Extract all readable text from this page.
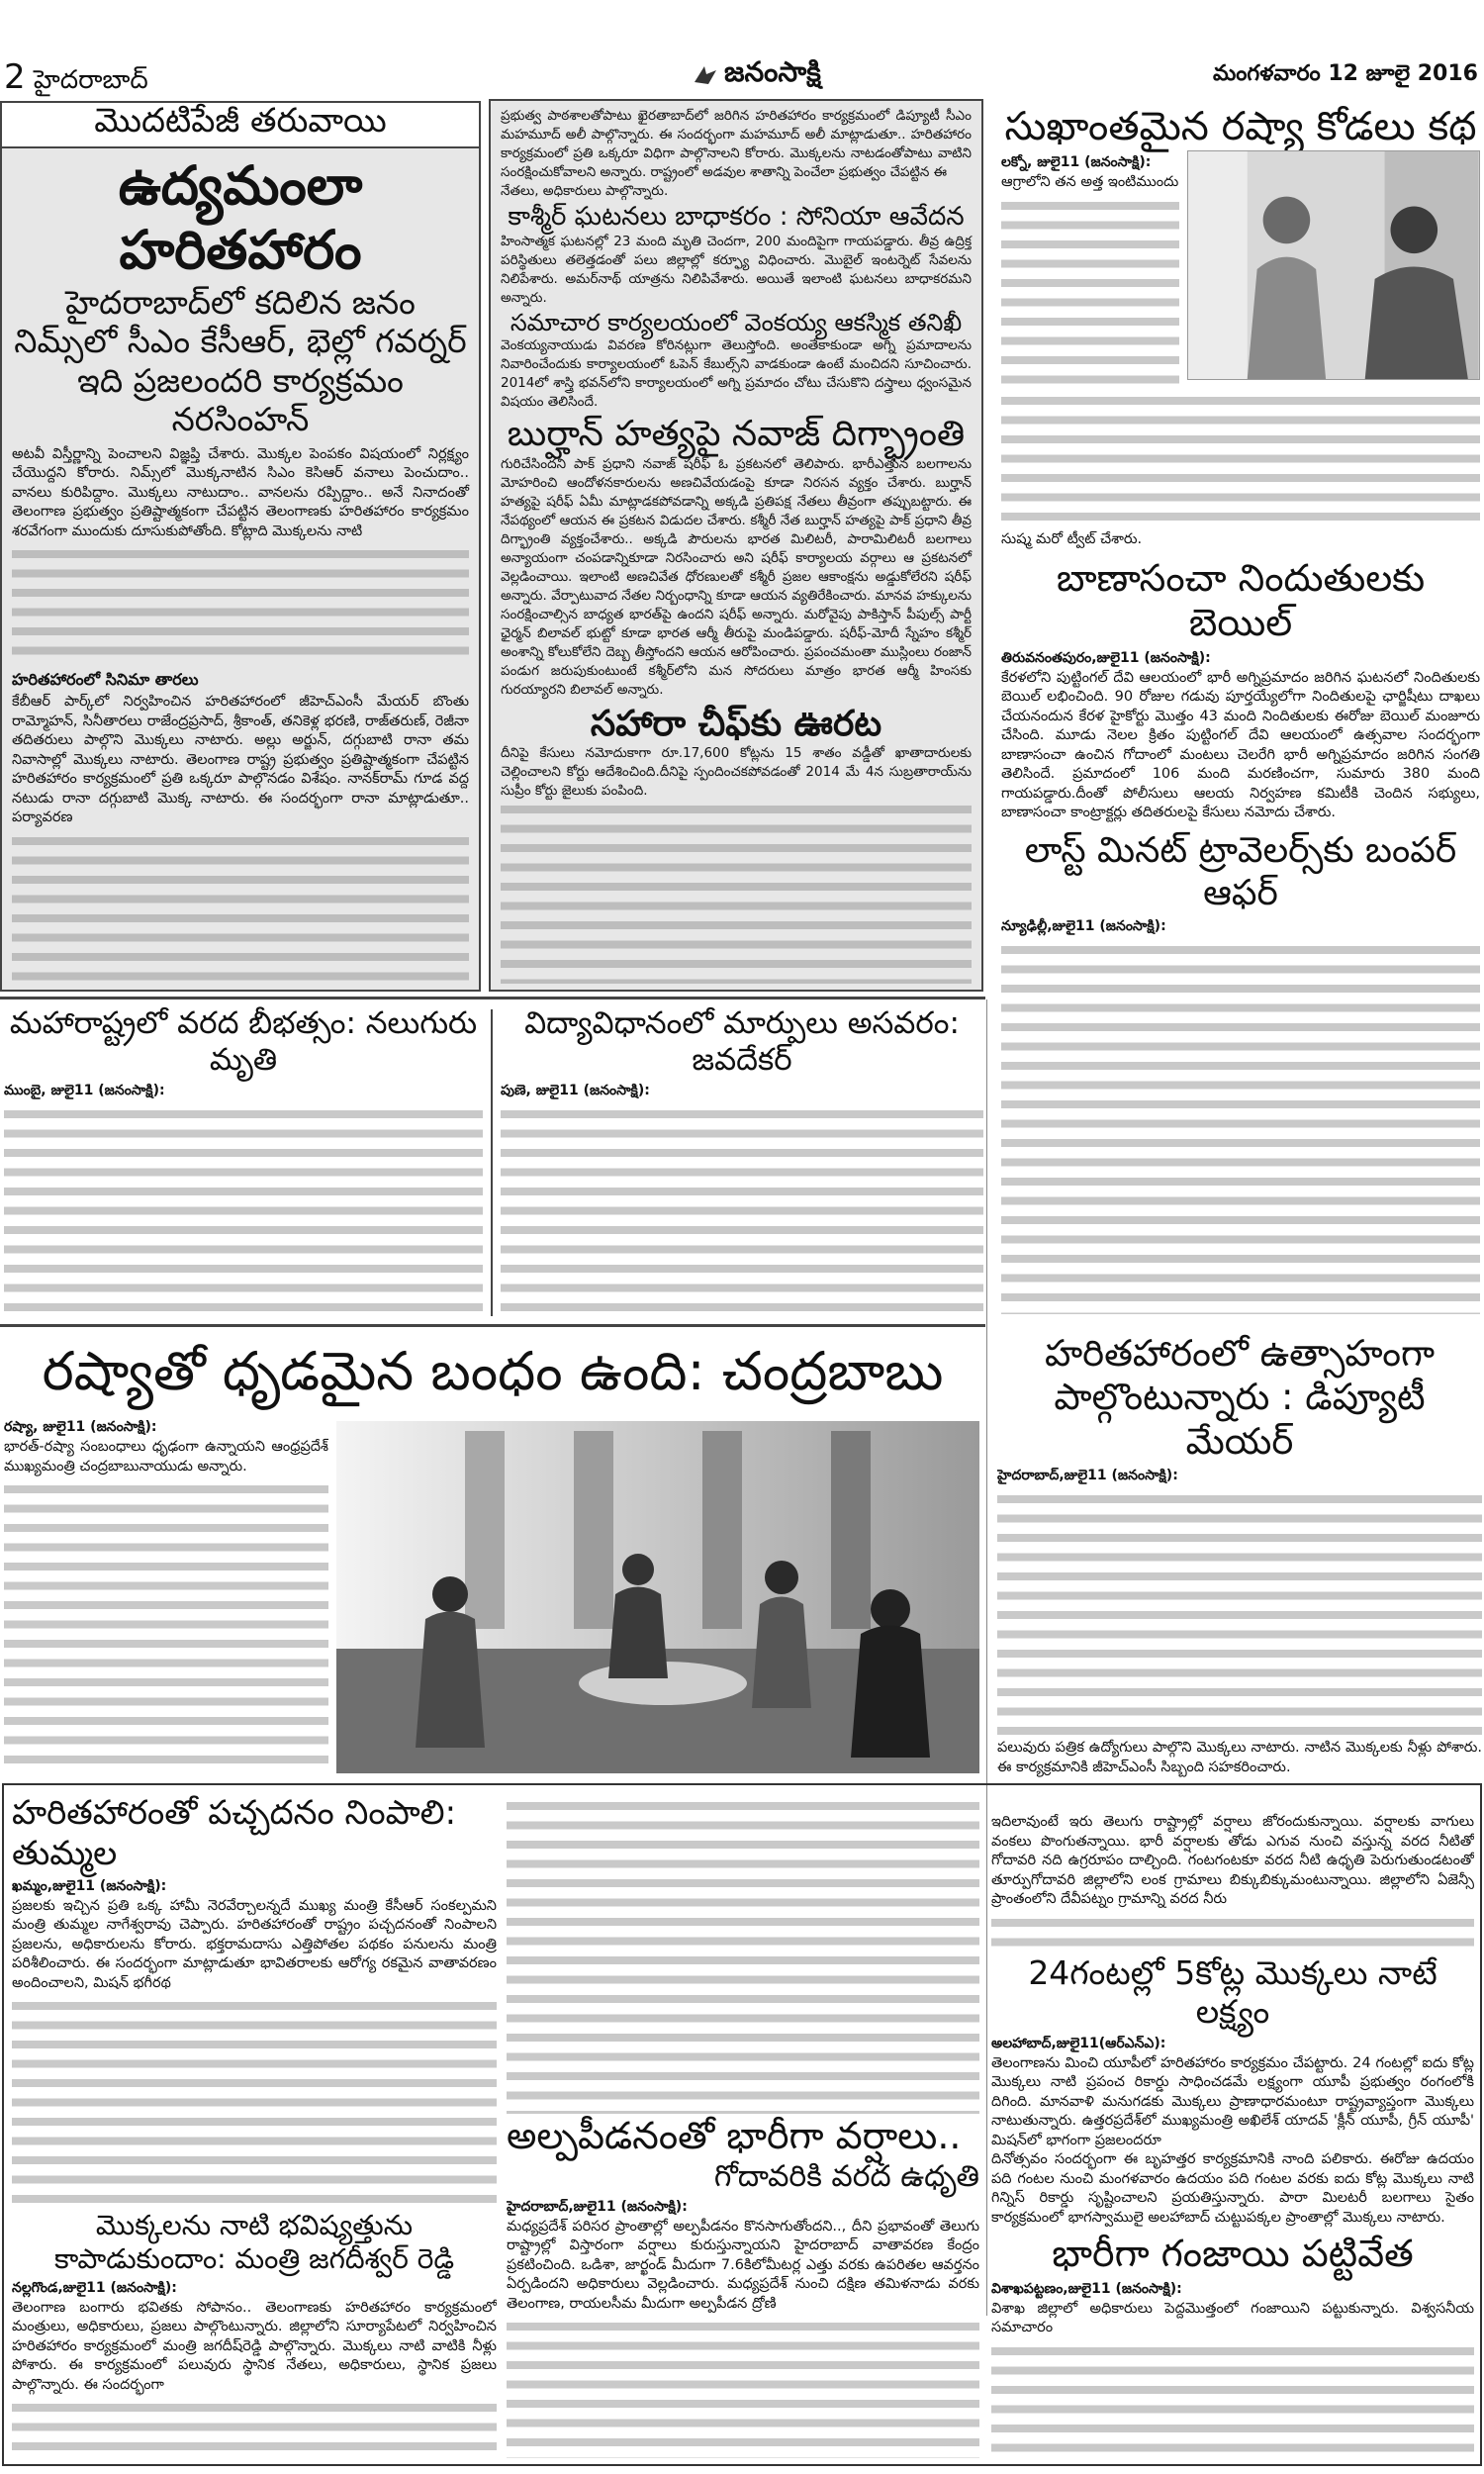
2 హైదరాబాద్	జనంసాక్షి	మంగళవారం 12 జూలై 2016
మొదటిపేజీ తరువాయి
ఉద్యమంలా హరితహారం
హైదరాబాద్‌లో కదిలిన జనం
నిమ్స్‌లో సీఎం కేసీఆర్, భెల్లో గవర్నర్
ఇది ప్రజలందరి కార్యక్రమం నరసింహన్

అటవీ విస్తీర్ణాన్ని పెంచాలని విజ్ఞప్తి చేశారు. మొక్కల పెంపకం విషయంలో నిర్లక్ష్యం చేయొద్దని కోరారు. నిమ్స్‌లో మొక్కనాటిన సిఎం కెసిఆర్ వనాలు పెంచుదాం.. వానలు కురిపిద్దాం. మొక్కలు నాటుదాం.. వానలను రప్పిద్దాం.. అనే నినాదంతో తెలంగాణ ప్రభుత్వం ప్రతిష్టాత్మకంగా చేపట్టిన తెలంగాణకు హరితహారం కార్యక్రమం శరవేగంగా ముందుకు దూసుకుపోతోంది. కోట్లాది మొక్కలను నాటి

హరితహారంలో సినిమా తారలు

కేబీఆర్ పార్క్‌లో నిర్వహించిన హరితహారంలో జీహెచ్ఎంసీ మేయర్ బొంతు రామ్మోహన్, సినీతారలు రాజేంద్రప్రసాద్, శ్రీకాంత్, తనికెళ్ల భరణి, రాజ్‌తరుణ్, రెజీనా తదితరులు పాల్గొని మొక్కలు నాటారు. అల్లు అర్జున్, దగ్గుబాటి రానా తమ నివాసాల్లో మొక్కలు నాటారు. తెలంగాణ రాష్ట్ర ప్రభుత్వం ప్రతిష్టాత్మకంగా చేపట్టిన హరితహారం కార్యక్రమంలో ప్రతి ఒక్కరూ పాల్గొనడం విశేషం. నానక్‌రామ్ గూడ వద్ద నటుడు రానా దగ్గుబాటి మొక్క నాటారు. ఈ సందర్భంగా రానా మాట్లాడుతూ.. పర్యావరణ

ప్రభుత్వ పాఠశాలతోపాటు ఖైరతాబాద్‌లో జరిగిన హరితహారం కార్యక్రమంలో డిప్యూటీ సీఎం మహమూద్ అలీ పాల్గొన్నారు. ఈ సందర్భంగా మహమూద్ అలీ మాట్లాడుతూ.. హరితహారం కార్యక్రమంలో ప్రతి ఒక్కరూ విధిగా పాల్గొనాలని కోరారు. మొక్కలను నాటడంతోపాటు వాటిని సంరక్షించుకోవాలని అన్నారు. రాష్ట్రంలో అడవుల శాతాన్ని పెంచేలా ప్రభుత్వం చేపట్టిన ఈ

నేతలు, అధికారులు పాల్గొన్నారు.

కాశ్మీర్ ఘటనలు బాధాకరం : సోనియా ఆవేదన

హింసాత్మక ఘటనల్లో 23 మంది మృతి చెందగా, 200 మందిపైగా గాయపడ్డారు. తీవ్ర ఉద్రిక్త పరిస్థితులు తలెత్తడంతో పలు జిల్లాల్లో కర్ఫ్యూ విధించారు. మొబైల్ ఇంటర్నెట్ సేవలను నిలిపేశారు. అమర్‌నాథ్ యాత్రను నిలిపివేశారు. అయితే ఇలాంటి ఘటనలు బాధాకరమని అన్నారు.

సమాచార కార్యలయంలో వెంకయ్య ఆకస్మిక తనిఖీ

వెంకయ్యనాయుడు వివరణ కోరినట్లుగా తెలుస్తోంది. అంతేకాకుండా అగ్ని ప్రమాదాలను నివారించేందుకు కార్యాలయంలో ఓపెన్ కేబుల్స్‌ని వాడకుండా ఉంటే మంచిదని సూచించారు. 2014లో శాస్త్రి భవన్‌లోని కార్యాలయంలో అగ్ని ప్రమాదం చోటు చేసుకొని దస్త్రాలు ధ్వంసమైన విషయం తెలిసిందే.

బుర్హాన్ హత్యపై నవాజ్ దిగ్భ్రాంతి

గురిచేసిందని పాక్ ప్రధాని నవాజ్ షరీఫ్ ఓ ప్రకటనలో తెలిపారు. భారీఎత్తున బలగాలను మోహరించి ఆందోళనకారులను అణచివేయడంపై కూడా నిరసన వ్యక్తం చేశారు. బుర్హాన్ హత్యపై షరీఫ్ ఏమీ మాట్లాడకపోవడాన్ని అక్కడి ప్రతిపక్ష నేతలు తీవ్రంగా తప్పుబట్టారు. ఈ నేపథ్యంలో ఆయన ఈ ప్రకటన విడుదల చేశారు. కశ్మీరీ నేత బుర్హాన్ హత్యపై పాక్ ప్రధాని తీవ్ర దిగ్భ్రాంతి వ్యక్తంచేశారు.. అక్కడి పౌరులను భారత మిలిటరీ, పారామిలిటరీ బలగాలు అన్యాయంగా చంపడాన్నికూడా నిరసించారు అని షరీఫ్ కార్యాలయ వర్గాలు ఆ ప్రకటనలో వెల్లడించాయి. ఇలాంటి అణచివేత ధోరణులతో కశ్మీరీ ప్రజల ఆకాంక్షను అడ్డుకోలేరని షరీఫ్ అన్నారు. వేర్పాటువాద నేతల నిర్బంధాన్ని కూడా ఆయన వ్యతిరేకించారు. మానవ హక్కులను సంరక్షించాల్సిన బాధ్యత భారత్‌పై ఉందని షరీఫ్ అన్నారు. మరోవైపు పాకిస్తాన్ పీపుల్స్ పార్టీ ఛైర్మన్ బిలావల్ భుట్టో కూడా భారత ఆర్మీ తీరుపై మండిపడ్డారు. షరీఫ్-మోదీ స్నేహం కశ్మీర్ అంశాన్ని కోలుకోలేని దెబ్బ తీస్తోందని ఆయన ఆరోపించారు. ప్రపంచమంతా ముస్లింలు రంజాన్ పండుగ జరుపుకుంటుంటే కశ్మీర్‌లోని మన సోదరులు మాత్రం భారత ఆర్మీ హింసకు గురయ్యారని బిలావల్ అన్నారు.

సహారా చీఫ్‌కు ఊరట

దీనిపై కేసులు నమోదుకాగా రూ.17,600 కోట్లను 15 శాతం వడ్డీతో ఖాతాదారులకు చెల్లించాలని కోర్టు ఆదేశించింది.దీనిపై స్పందించకపోవడంతో 2014 మే 4న సుబ్రతారాయ్‌ను సుప్రీం కోర్టు జైలుకు పంపింది.

సుఖాంతమైన రష్యా కోడలు కథ
లక్నో, జులై11 (జనంసాక్షి):

ఆగ్రాలోని తన అత్త ఇంటిముందు

సుష్మ మరో ట్వీట్ చేశారు.

బాణాసంచా నిందుతులకు బెయిల్
తిరువనంతపురం,జులై11 (జనంసాక్షి):

కేరళలోని పుట్టింగల్ దేవి ఆలయంలో భారీ అగ్నిప్రమాదం జరిగిన ఘటనలో నిందితులకు బెయిల్ లభించింది. 90 రోజుల గడువు పూర్తయ్యేలోగా నిందితులపై ఛార్జిషీటు దాఖలు చేయనందున కేరళ హైకోర్టు మొత్తం 43 మంది నిందితులకు ఈరోజు బెయిల్ మంజూరు చేసింది. మూడు నెలల క్రితం పుట్టింగల్ దేవి ఆలయంలో ఉత్సవాల సందర్భంగా బాణాసంచా ఉంచిన గోదాంలో మంటలు చెలరేగి భారీ అగ్నిప్రమాదం జరిగిన సంగతి తెలిసిందే. ప్రమాదంలో 106 మంది మరణించగా, సుమారు 380 మంది గాయపడ్డారు.దీంతో పోలీసులు ఆలయ నిర్వహణ కమిటీకి చెందిన సభ్యులు, బాణాసంచా కాంట్రాక్టర్లు తదితరులపై కేసులు నమోదు చేశారు.

లాస్ట్ మినట్ ట్రావెలర్స్‌కు బంపర్ ఆఫర్
న్యూఢిల్లీ,జులై11 (జనంసాక్షి):
మహారాష్ట్రలో వరద బీభత్సం: నలుగురు మృతి
ముంబై, జులై11 (జనంసాక్షి):
విద్యావిధానంలో మార్పులు అసవరం: జవదేకర్
పుణె, జులై11 (జనంసాక్షి):
రష్యాతో ధృడమైన బంధం ఉంది: చంద్రబాబు
రష్యా, జులై11 (జనంసాక్షి):

భారత్-రష్యా సంబంధాలు ధృఢంగా ఉన్నాయని ఆంధ్రప్రదేశ్ ముఖ్యమంత్రి చంద్రబాబునాయుడు అన్నారు.

హరితహారంలో ఉత్సాహంగా పాల్గొంటున్నారు : డిప్యూటీ మేయర్
హైదరాబాద్,జులై11 (జనంసాక్షి):

పలువురు పత్రిక ఉద్యోగులు పాల్గొని మొక్కలు నాటారు. నాటిన మొక్కలకు నీళ్లు పోశారు. ఈ కార్యక్రమానికి జీహెచ్ఎంసీ సిబ్బంది సహకరించారు.

హరితహారంతో పచ్చదనం నింపాలి: తుమ్మల
ఖమ్మం,జులై11 (జనంసాక్షి):

ప్రజలకు ఇచ్చిన ప్రతి ఒక్క హామీ నెరవేర్చాలన్నదే ముఖ్య మంత్రి కేసీఆర్ సంకల్పమని మంత్రి తుమ్మల నాగేశ్వరావు చెప్పారు. హరితహారంతో రాష్ట్రం పచ్చదనంతో నింపాలని ప్రజలను, అధికారులను కోరారు. భక్తరామదాసు ఎత్తిపోతల పథకం పనులను మంత్రి పరిశీలించారు. ఈ సందర్భంగా మాట్లాడుతూ భావితరాలకు ఆరోగ్య రకమైన వాతావరణం అందించాలని, మిషన్ భగీరథ

మొక్కలను నాటి భవిష్యత్తును కాపాడుకుందాం: మంత్రి జగదీశ్వర్ రెడ్డి
నల్లగొండ,జులై11 (జనంసాక్షి):

తెలంగాణ బంగారు భవితకు సోపానం.. తెలంగాణకు హరితహారం కార్యక్రమంలో మంత్రులు, అధికారులు, ప్రజలు పాల్గొంటున్నారు. జిల్లాలోని సూర్యాపేటలో నిర్వహించిన హరితహారం కార్యక్రమంలో మంత్రి జగదీష్‌రెడ్డి పాల్గొన్నారు. మొక్కలు నాటి వాటికి నీళ్లు పోశారు. ఈ కార్యక్రమంలో పలువురు స్థానిక నేతలు, అధికారులు, స్థానిక ప్రజలు పాల్గొన్నారు. ఈ సందర్భంగా

అల్పపీడనంతో భారీగా వర్షాలు..
గోదావరికి వరద ఉధృతి
హైదరాబాద్,జులై11 (జనంసాక్షి):

మధ్యప్రదేశ్ పరిసర ప్రాంతాల్లో అల్పపీడనం కొనసాగుతోందని.., దీని ప్రభావంతో తెలుగు రాష్ట్రాల్లో విస్తారంగా వర్షాలు కురుస్తున్నాయని హైదరాబాద్ వాతావరణ కేంద్రం ప్రకటించింది. ఒడిశా, జార్ఖండ్ మీదుగా 7.6కిలోమీటర్ల ఎత్తు వరకు ఉపరితల ఆవర్తనం ఏర్పడిందని అధికారులు వెల్లడించారు. మధ్యప్రదేశ్ నుంచి దక్షిణ తమిళనాడు వరకు తెలంగాణ, రాయలసీమ మీదుగా అల్పపీడన ద్రోణి

ఇదిలావుంటే ఇరు తెలుగు రాష్ట్రాల్లో వర్షాలు జోరందుకున్నాయి. వర్షాలకు వాగులు వంకలు పొంగుతన్నాయి. భారీ వర్షాలకు తోడు ఎగువ నుంచి వస్తున్న వరద నీటితో గోదావరి నది ఉగ్రరూపం దాల్చింది. గంటగంటకూ వరద నీటి ఉధృతి పెరుగుతుండటంతో తూర్పుగోదావరి జిల్లాలోని లంక గ్రామాలు బిక్కుబిక్కుమంటున్నాయి. జిల్లాలోని ఏజెన్సీ ప్రాంతంలోని దేవీపట్నం గ్రామాన్ని వరద నీరు

24గంటల్లో 5కోట్ల మొక్కలు నాటే లక్ష్యం
అలహాబాద్,జులై11(ఆర్ఎన్ఎ):

తెలంగాణను మించి యూపీలో హరితహారం కార్యక్రమం చేపట్టారు. 24 గంటల్లో ఐదు కోట్ల మొక్కలు నాటి ప్రపంచ రికార్డు సాధించడమే లక్ష్యంగా యూపీ ప్రభుత్వం రంగంలోకి దిగింది. మానవాళి మనుగడకు మొక్కలు ప్రాణాధారమంటూ రాష్ట్రవ్యాప్తంగా మొక్కలు నాటుతున్నారు. ఉత్తరప్రదేశ్‌లో ముఖ్యమంత్రి అఖిలేశ్ యాదవ్ 'క్లీన్ యూపీ, గ్రీన్ యూపీ' మిషన్‌లో భాగంగా ప్రజలందరూ

దినోత్సవం సందర్భంగా ఈ బృహత్తర కార్యక్రమానికి నాంది పలికారు. ఈరోజు ఉదయం పది గంటల నుంచి మంగళవారం ఉదయం పది గంటల వరకు ఐదు కోట్ల మొక్కలు నాటి గిన్నిస్ రికార్డు సృష్టించాలని ప్రయతిస్తున్నారు. పారా మిలటరీ బలగాలు సైతం కార్యక్రమంలో భాగస్వాములై అలహాబాద్ చుట్టుపక్కల ప్రాంతాల్లో మొక్కలు నాటారు.

భారీగా గంజాయి పట్టివేత
విశాఖపట్టణం,జులై11 (జనంసాక్షి):

విశాఖ జిల్లాలో అధికారులు పెద్దమొత్తంలో గంజాయిని పట్టుకున్నారు. విశ్వసనీయ సమాచారం
